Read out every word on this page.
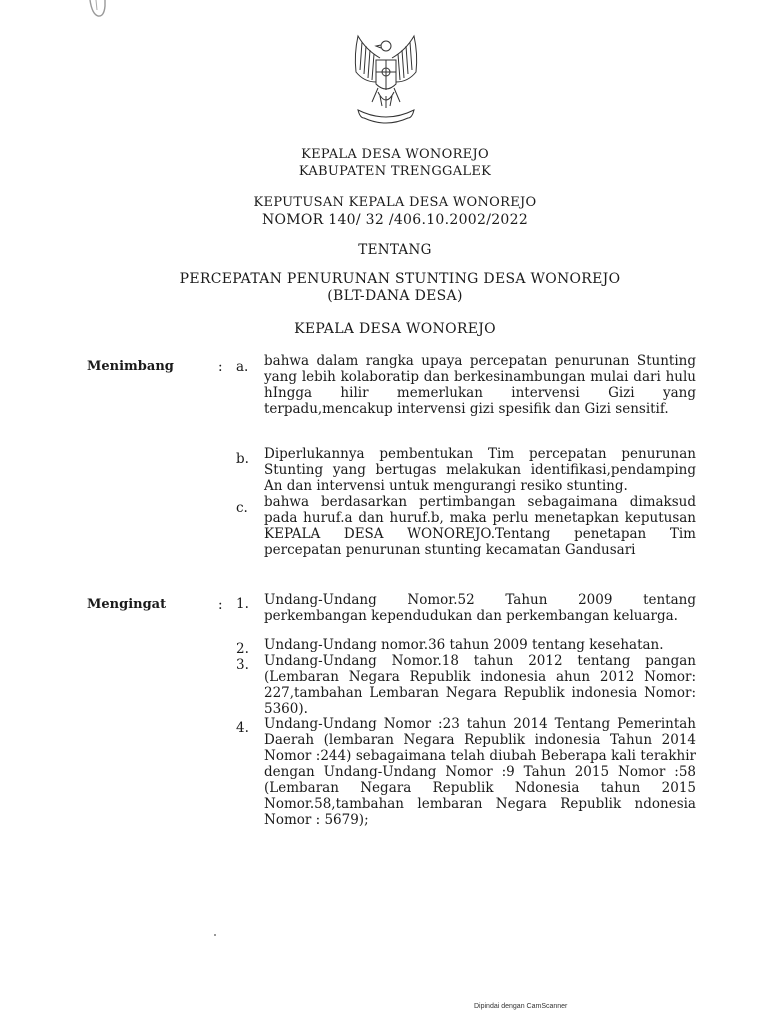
KEPALA DESA WONOREJO
KABUPATEN TRENGGALEK
KEPUTUSAN KEPALA DESA WONOREJO
NOMOR 140/ 32 /406.10.2002/2022
TENTANG
PERCEPATAN PENURUNAN STUNTING DESA WONOREJO
(BLT-DANA DESA)
KEPALA DESA WONOREJO
Menimbang	: a.	bahwa dalam rangka upaya percepatan penurunan Stunting yang lebih kolaboratip dan berkesinambungan mulai dari hulu hIngga hilir memerlukan intervensi Gizi yang terpadu,mencakup intervensi gizi spesifik dan Gizi sensitif.
b.	Diperlukannya pembentukan Tim percepatan penurunan Stunting yang bertugas melakukan identifikasi,pendamping An dan intervensi untuk mengurangi resiko stunting.
c.	bahwa berdasarkan pertimbangan sebagaimana dimaksud pada huruf.a dan huruf.b, maka perlu menetapkan keputusan KEPALA DESA WONOREJO.Tentang penetapan Tim percepatan penurunan stunting kecamatan Gandusari
Mengingat	: 1.	Undang-Undang Nomor.52 Tahun 2009 tentang perkembangan kependudukan dan perkembangan keluarga.
2.	Undang-Undang nomor.36 tahun 2009 tentang kesehatan.
3.	Undang-Undang Nomor.18 tahun 2012 tentang pangan (Lembaran Negara Republik indonesia ahun 2012 Nomor: 227,tambahan Lembaran Negara Republik indonesia Nomor: 5360).
4.	Undang-Undang Nomor :23 tahun 2014 Tentang Pemerintah Daerah (lembaran Negara Republik indonesia Tahun 2014 Nomor :244) sebagaimana telah diubah Beberapa kali terakhir dengan Undang-Undang Nomor :9 Tahun 2015 Nomor :58 (Lembaran Negara Republik Ndonesia tahun 2015 Nomor.58,tambahan lembaran Negara Republik ndonesia Nomor : 5679);
Dipindai dengan CamScanner
